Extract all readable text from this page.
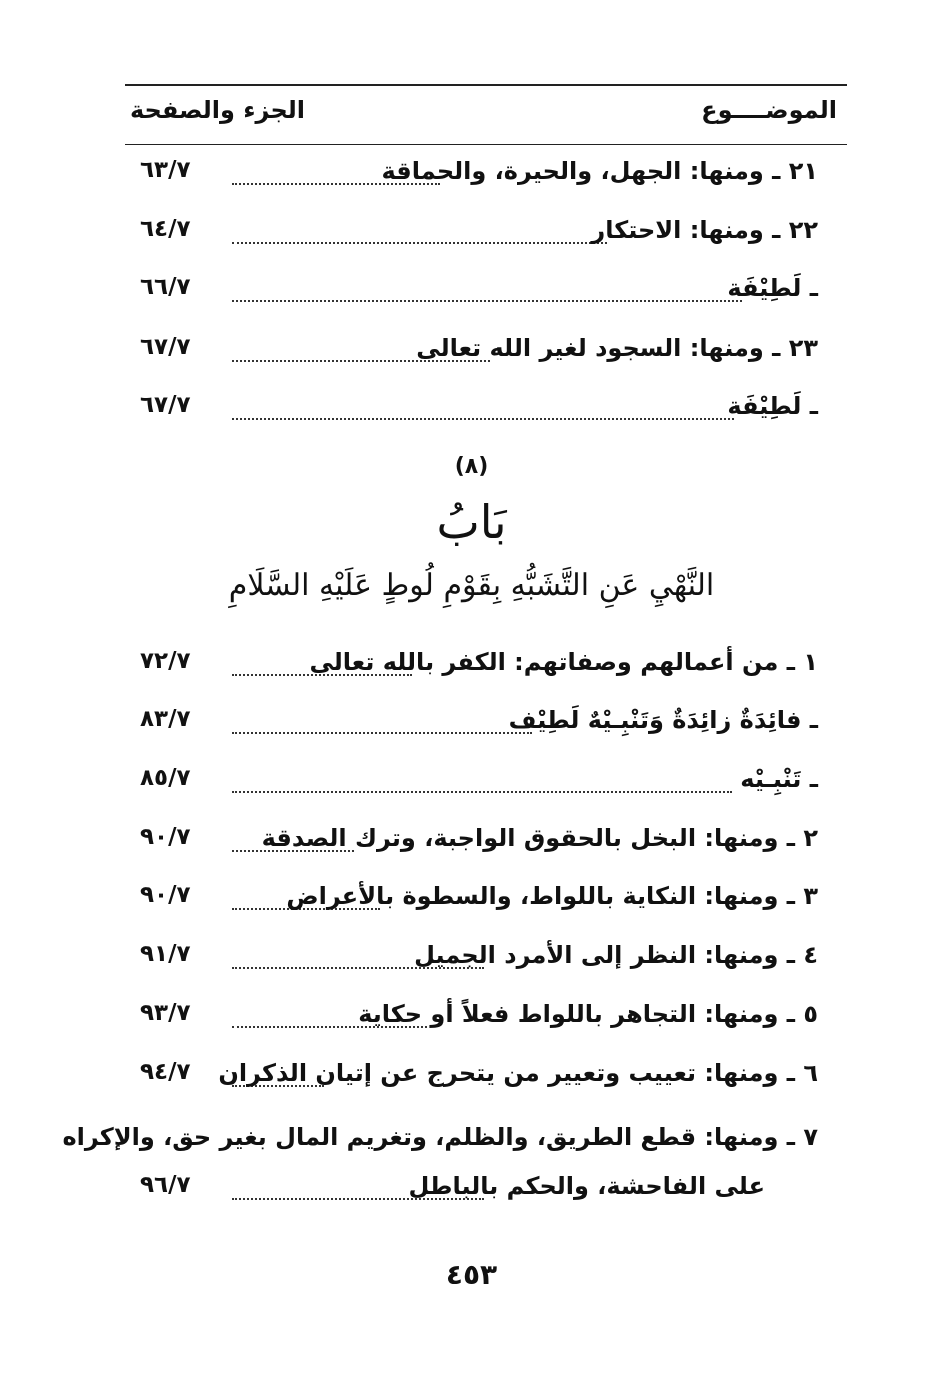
الموضــــوع
الجزء والصفحة
٦٣/٧	٢١ ـ ومنها: الجهل، والحيرة، والحماقة
٦٤/٧	٢٢ ـ ومنها: الاحتكار
٦٦/٧	ـ لَطِيْفَة
٦٧/٧	٢٣ ـ ومنها: السجود لغير الله تعالى
٦٧/٧	ـ لَطِيْفَة
(٨)
بَابُ
النَّهْيِ عَنِ التَّشَبُّهِ بِقَوْمِ لُوطٍ عَلَيْهِ السَّلَامِ
٧٢/٧	١ ـ من أعمالهم وصفاتهم: الكفر بالله تعالى
٨٣/٧	ـ فائِدَةٌ زائِدَةٌ وَتَنْبِـيْهٌ لَطِيْف
٨٥/٧	ـ تَنْبِـيْه
٩٠/٧	٢ ـ ومنها: البخل بالحقوق الواجبة، وترك الصدقة
٩٠/٧	٣ ـ ومنها: النكاية باللواط، والسطوة بالأعراض
٩١/٧	٤ ـ ومنها: النظر إلى الأمرد الجميل
٩٣/٧	٥ ـ ومنها: التجاهر باللواط فعلاً أو حكاية
٩٤/٧	٦ ـ ومنها: تعييب وتعيير من يتحرج عن إتيان الذكران
٧ ـ ومنها: قطع الطريق، والظلم، وتغريم المال بغير حق، والإكراه
٩٦/٧	على الفاحشة، والحكم بالباطل
٤٥٣
